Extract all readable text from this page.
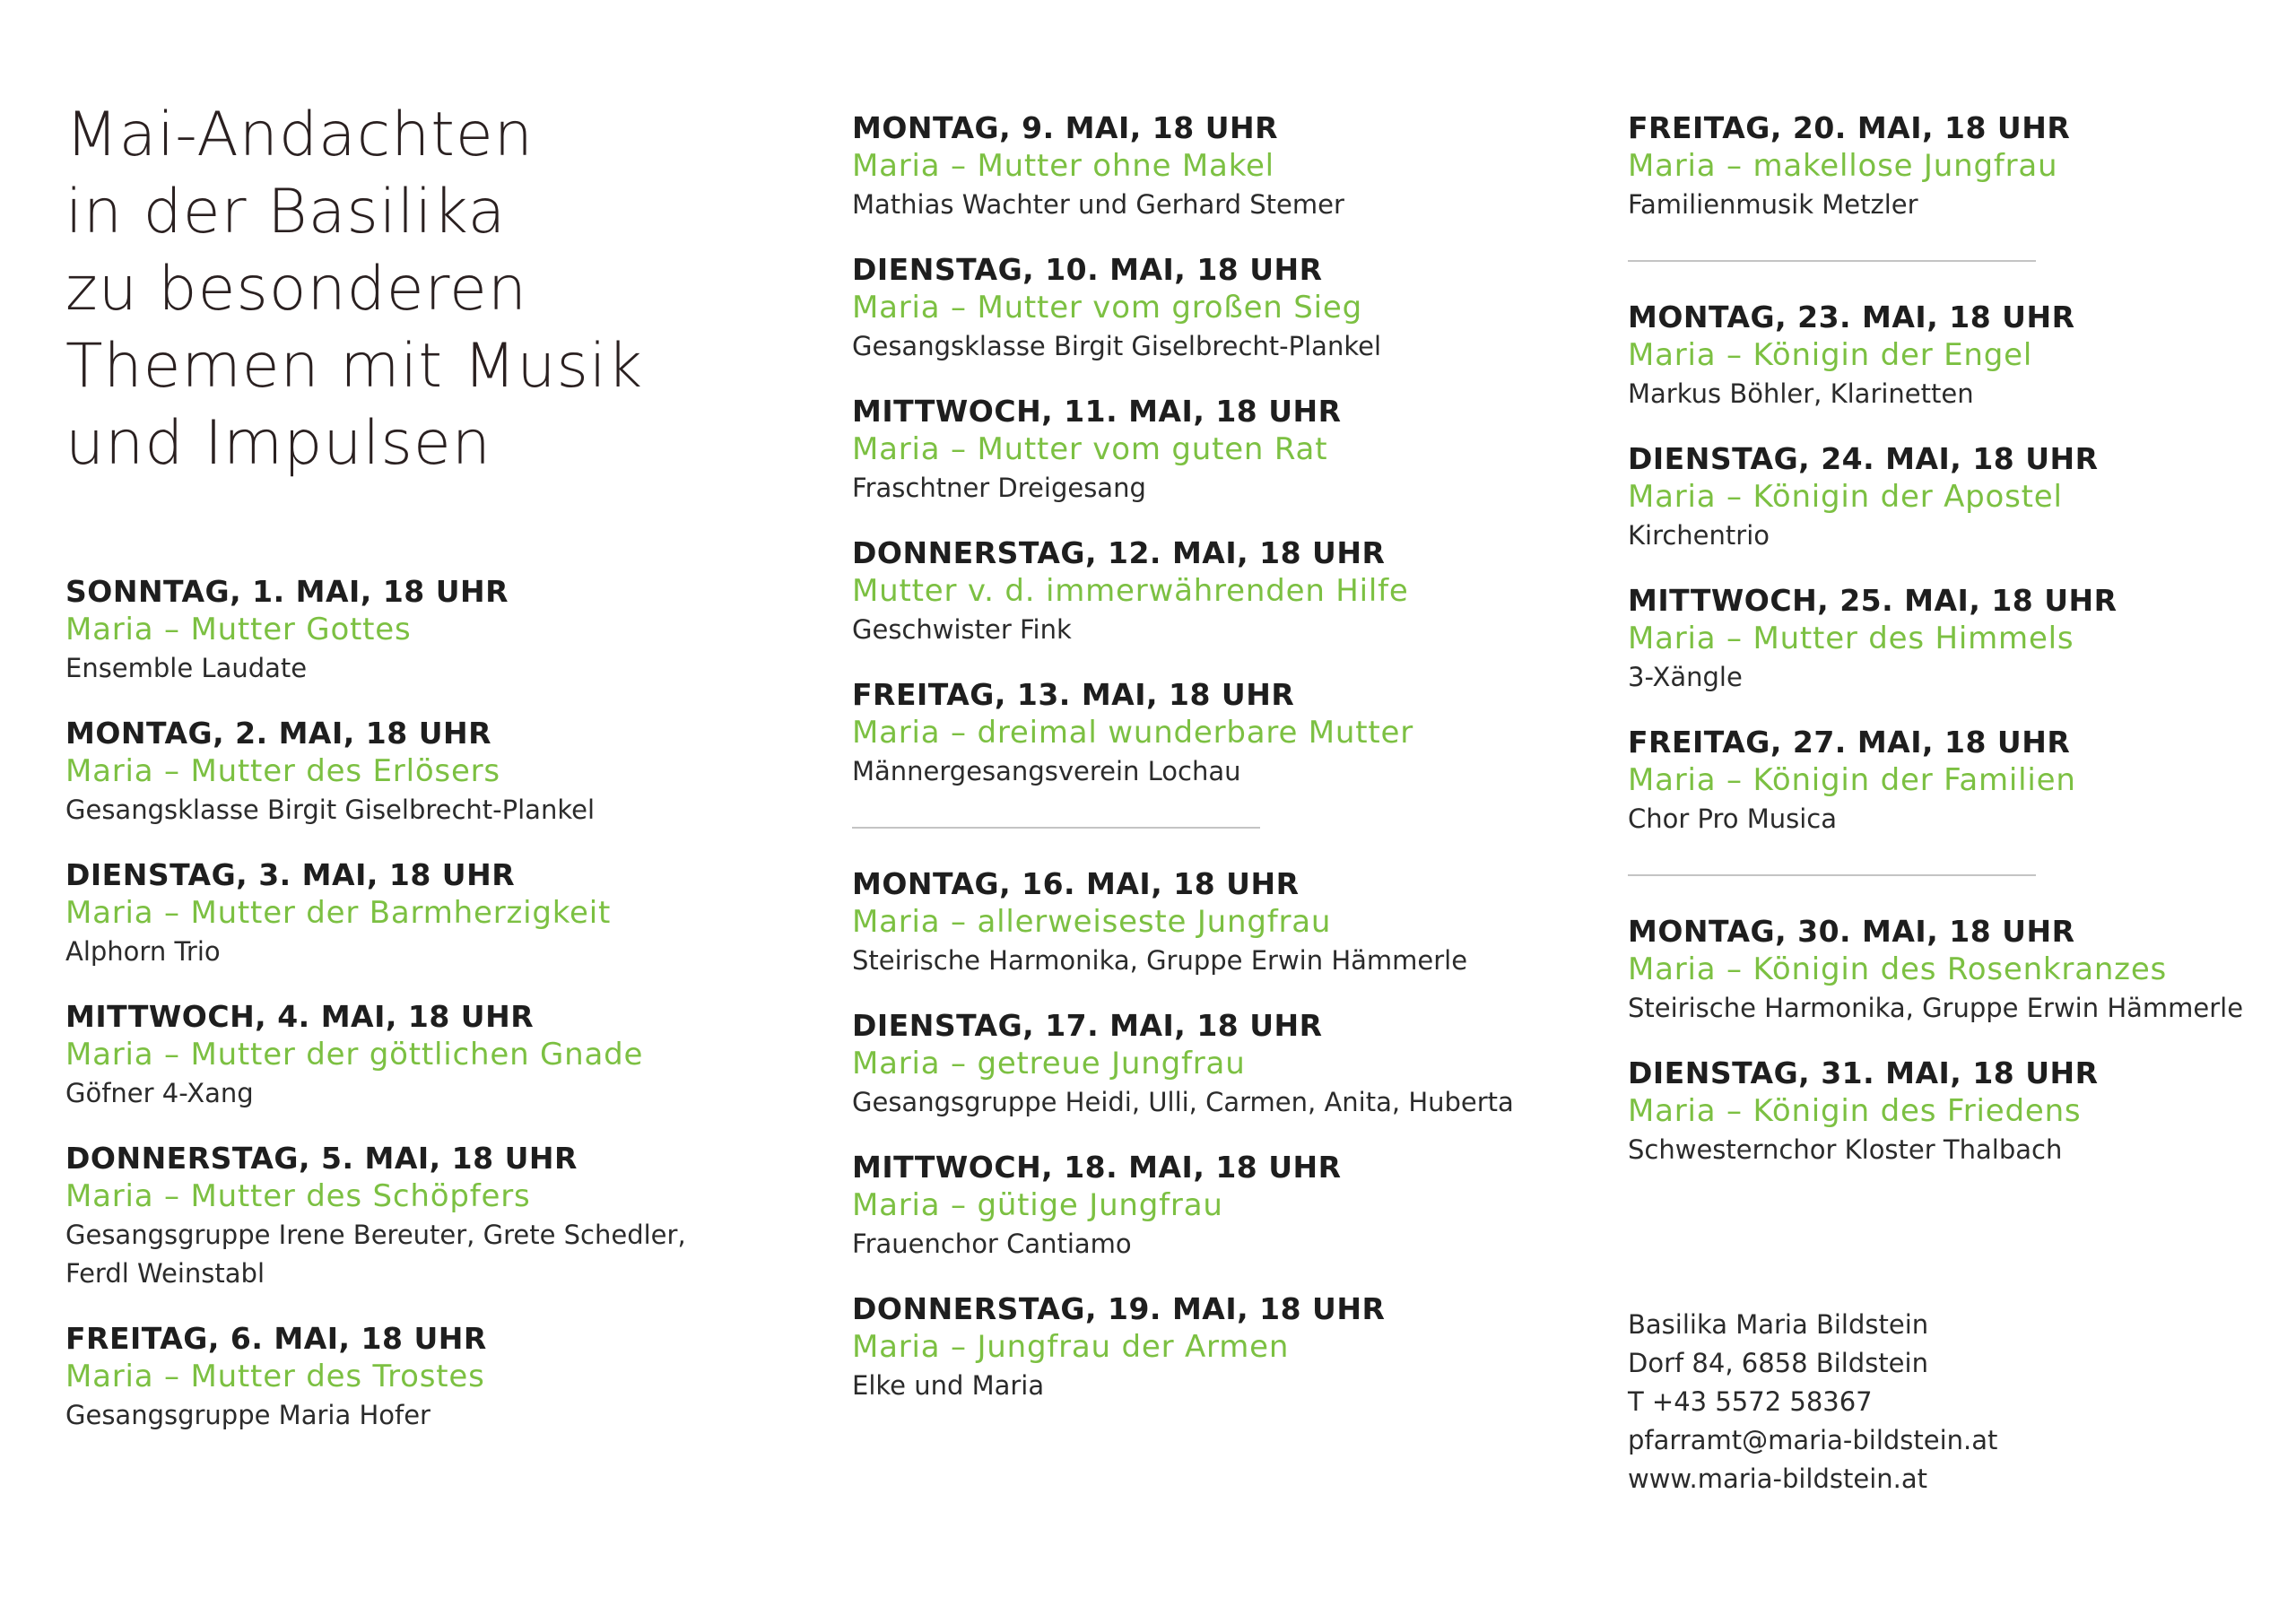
Mai-Andachten
in der Basilika
zu besonderen
Themen mit Musik
und Impulsen
SONNTAG, 1. MAI, 18 UHR
Maria – Mutter Gottes
Ensemble Laudate
MONTAG, 2. MAI, 18 UHR
Maria – Mutter des Erlösers
Gesangsklasse Birgit Giselbrecht-Plankel
DIENSTAG, 3. MAI, 18 UHR
Maria – Mutter der Barmherzigkeit
Alphorn Trio
MITTWOCH, 4. MAI, 18 UHR
Maria – Mutter der göttlichen Gnade
Göfner 4-Xang
DONNERSTAG, 5. MAI, 18 UHR
Maria – Mutter des Schöpfers
Gesangsgruppe Irene Bereuter, Grete Schedler,
Ferdl Weinstabl
FREITAG, 6. MAI, 18 UHR
Maria – Mutter des Trostes
Gesangsgruppe Maria Hofer
MONTAG, 9. MAI, 18 UHR
Maria – Mutter ohne Makel
Mathias Wachter und Gerhard Stemer
DIENSTAG, 10. MAI, 18 UHR
Maria – Mutter vom großen Sieg
Gesangsklasse Birgit Giselbrecht-Plankel
MITTWOCH, 11. MAI, 18 UHR
Maria – Mutter vom guten Rat
Fraschtner Dreigesang
DONNERSTAG, 12. MAI, 18 UHR
Mutter v. d. immerwährenden Hilfe
Geschwister Fink
FREITAG, 13. MAI, 18 UHR
Maria – dreimal wunderbare Mutter
Männergesangsverein Lochau
MONTAG, 16. MAI, 18 UHR
Maria – allerweiseste Jungfrau
Steirische Harmonika, Gruppe Erwin Hämmerle
DIENSTAG, 17. MAI, 18 UHR
Maria – getreue Jungfrau
Gesangsgruppe Heidi, Ulli, Carmen, Anita, Huberta
MITTWOCH, 18. MAI, 18 UHR
Maria – gütige Jungfrau
Frauenchor Cantiamo
DONNERSTAG, 19. MAI, 18 UHR
Maria – Jungfrau der Armen
Elke und Maria
FREITAG, 20. MAI, 18 UHR
Maria – makellose Jungfrau
Familienmusik Metzler
MONTAG, 23. MAI, 18 UHR
Maria – Königin der Engel
Markus Böhler, Klarinetten
DIENSTAG, 24. MAI, 18 UHR
Maria – Königin der Apostel
Kirchentrio
MITTWOCH, 25. MAI, 18 UHR
Maria – Mutter des Himmels
3-Xängle
FREITAG, 27. MAI, 18 UHR
Maria – Königin der Familien
Chor Pro Musica
MONTAG, 30. MAI, 18 UHR
Maria – Königin des Rosenkranzes
Steirische Harmonika, Gruppe Erwin Hämmerle
DIENSTAG, 31. MAI, 18 UHR
Maria – Königin des Friedens
Schwesternchor Kloster Thalbach
Basilika Maria Bildstein
Dorf 84, 6858 Bildstein
T +43 5572 58367
pfarramt@maria-bildstein.at
www.maria-bildstein.at
